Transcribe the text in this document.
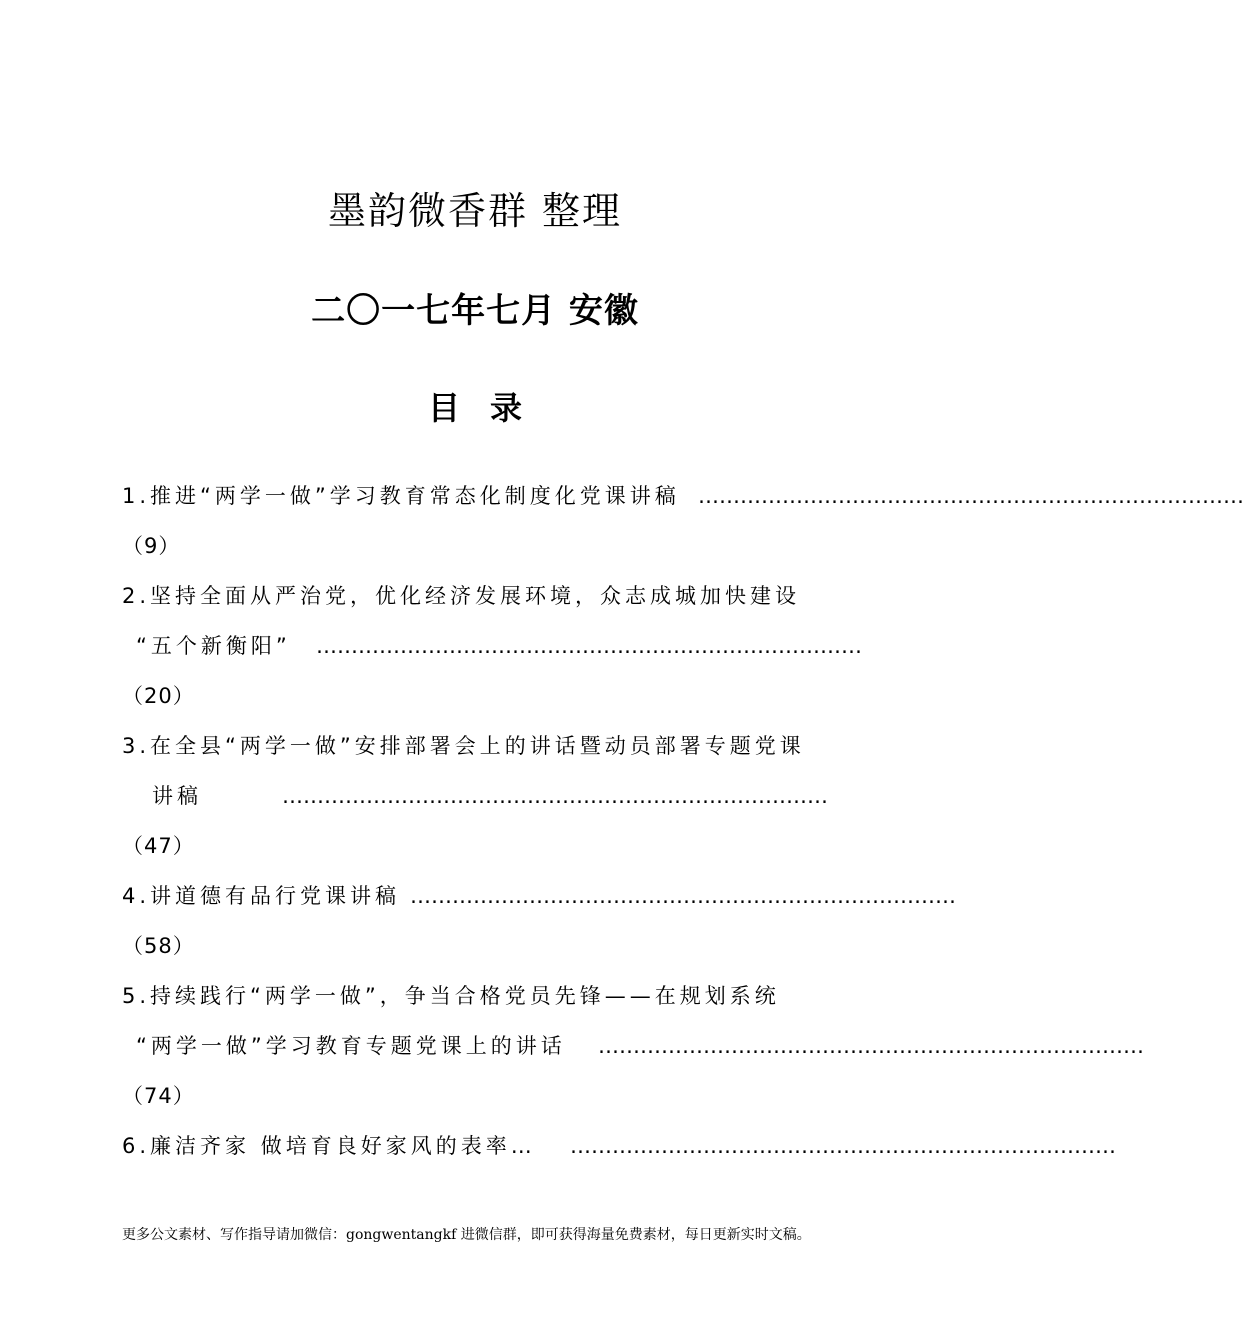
墨韵微香群 整理
二〇一七年七月 安徽
目录
1.推进“两学一做”学习教育常态化制度化党课讲稿 ……………………………………………………………………
（9）
2.坚持全面从严治党，优化经济发展环境，众志成城加快建设
“五个新衡阳” ……………………………………………………………………
（20）
3.在全县“两学一做”安排部署会上的讲话暨动员部署专题党课
讲稿	……………………………………………………………………
（47）
4.讲道德有品行党课讲稿 ……………………………………………………………………
（58）
5.持续践行“两学一做”，争当合格党员先锋——在规划系统
“两学一做”学习教育专题党课上的讲话 ……………………………………………………………………
（74）
6.廉洁齐家 做培育良好家风的表率… ……………………………………………………………………
更多公文素材、写作指导请加微信：gongwentangkf 进微信群，即可获得海量免费素材，每日更新实时文稿。
